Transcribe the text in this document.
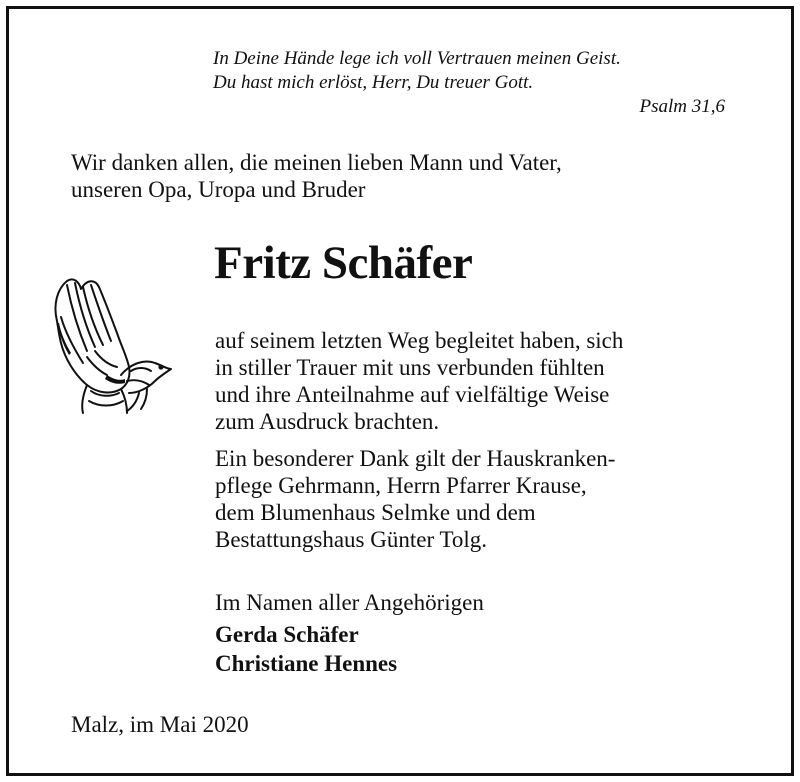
In Deine Hände lege ich voll Vertrauen meinen Geist.

Du hast mich erlöst, Herr, Du treuer Gott.

Psalm 31,6

Wir danken allen, die meinen lieben Mann und Vater,

unseren Opa, Uropa und Bruder

Fritz Schäfer

auf seinem letzten Weg begleitet haben, sich

in stiller Trauer mit uns verbunden fühlten

und ihre Anteilnahme auf vielfältige Weise

zum Ausdruck brachten.

Ein besonderer Dank gilt der Hauskranken-

pflege Gehrmann, Herrn Pfarrer Krause,

dem Blumenhaus Selmke und dem

Bestattungshaus Günter Tolg.

Im Namen aller Angehörigen

Gerda Schäfer

Christiane Hennes

Malz, im Mai 2020
